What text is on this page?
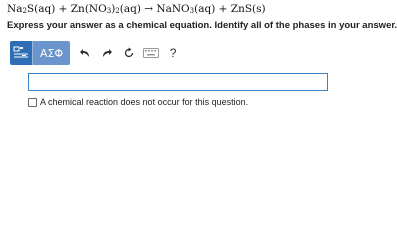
$Na_2S(aq) + Zn(NO_3)_2(aq)$ → NaNO$_3$(aq) + ZnS(s)
Express your answer as a chemical equation. Identify all of the phases in your answer.
ΑΣΦ	?
A chemical reaction does not occur for this question.
